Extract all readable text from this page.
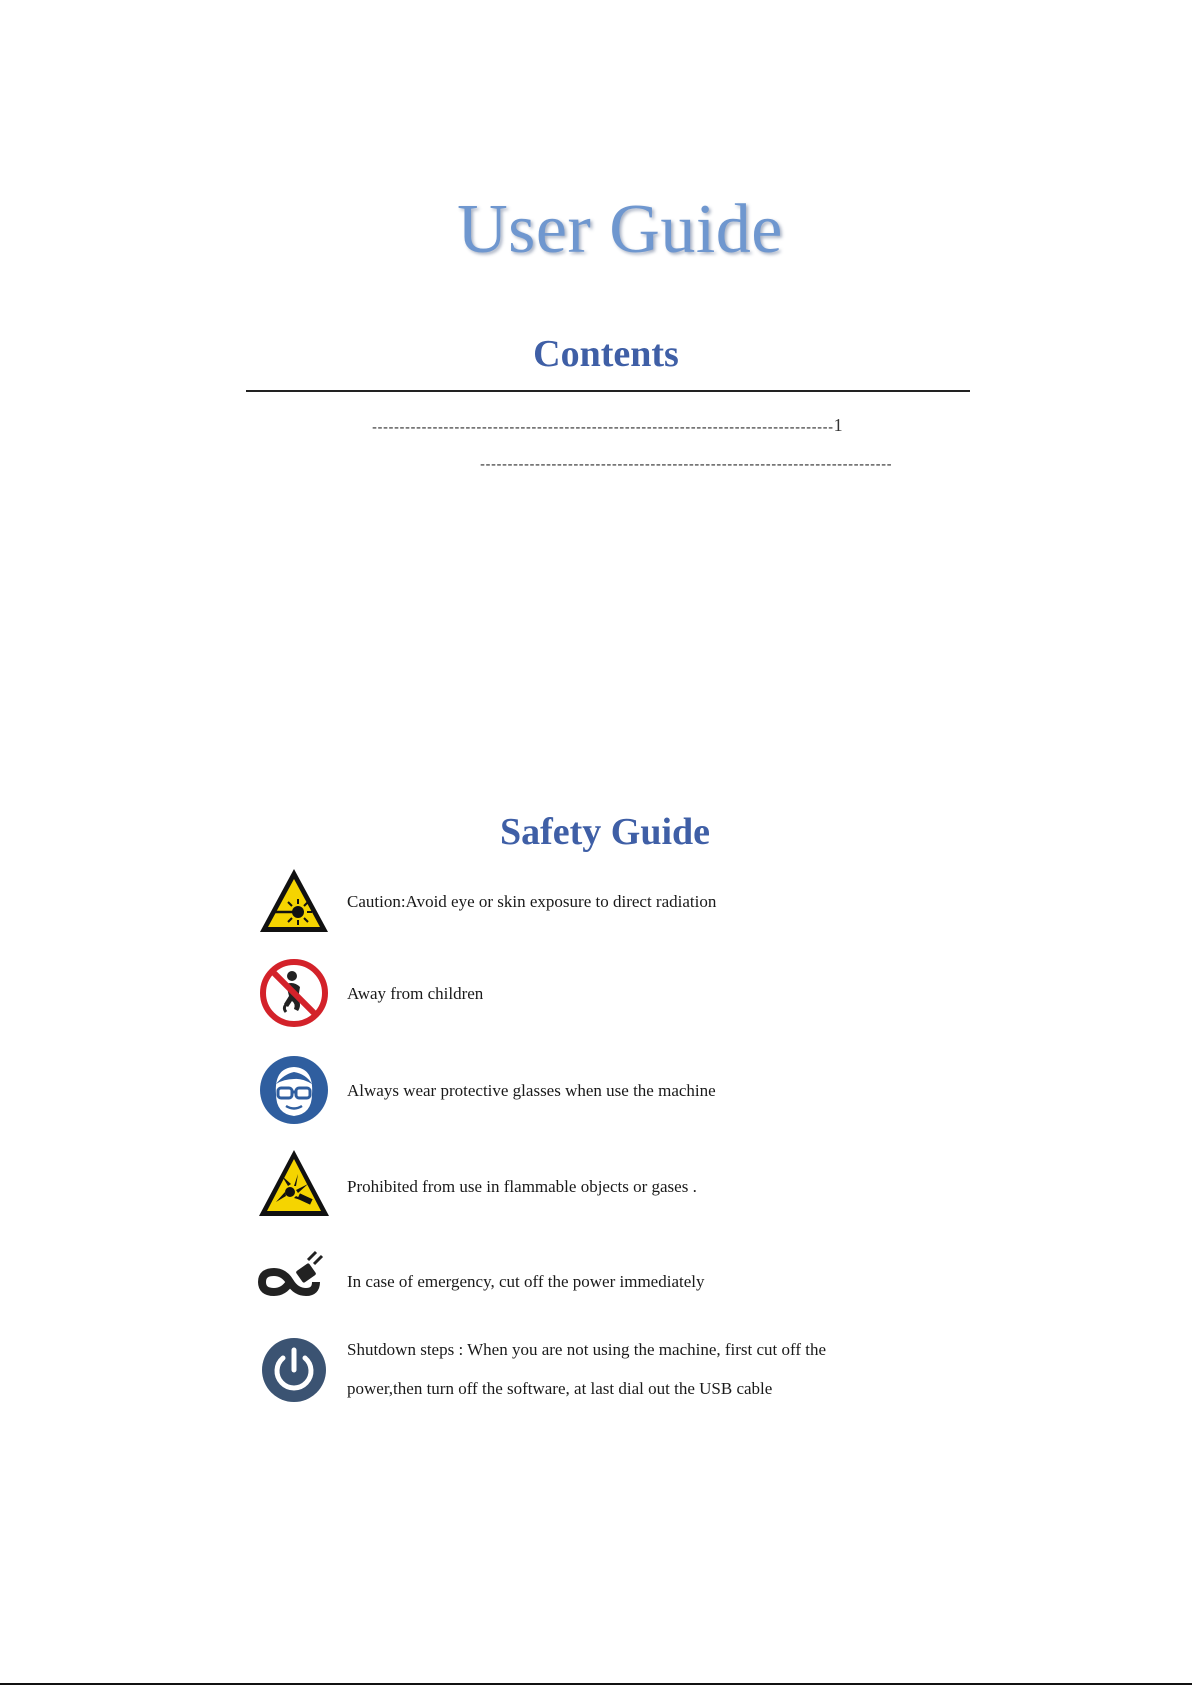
User Guide
Contents
------------------------------------------------------------------------------------1
---------------------------------------------------------------------------
Safety Guide
Caution:Avoid eye or skin exposure to direct radiation
Away from children
Always wear protective glasses when use the machine
Prohibited from use in flammable objects or gases .
In case of emergency, cut off the power immediately
Shutdown steps : When you are not using the machine, first cut off the
power,then turn off the software, at last dial out the USB cable
